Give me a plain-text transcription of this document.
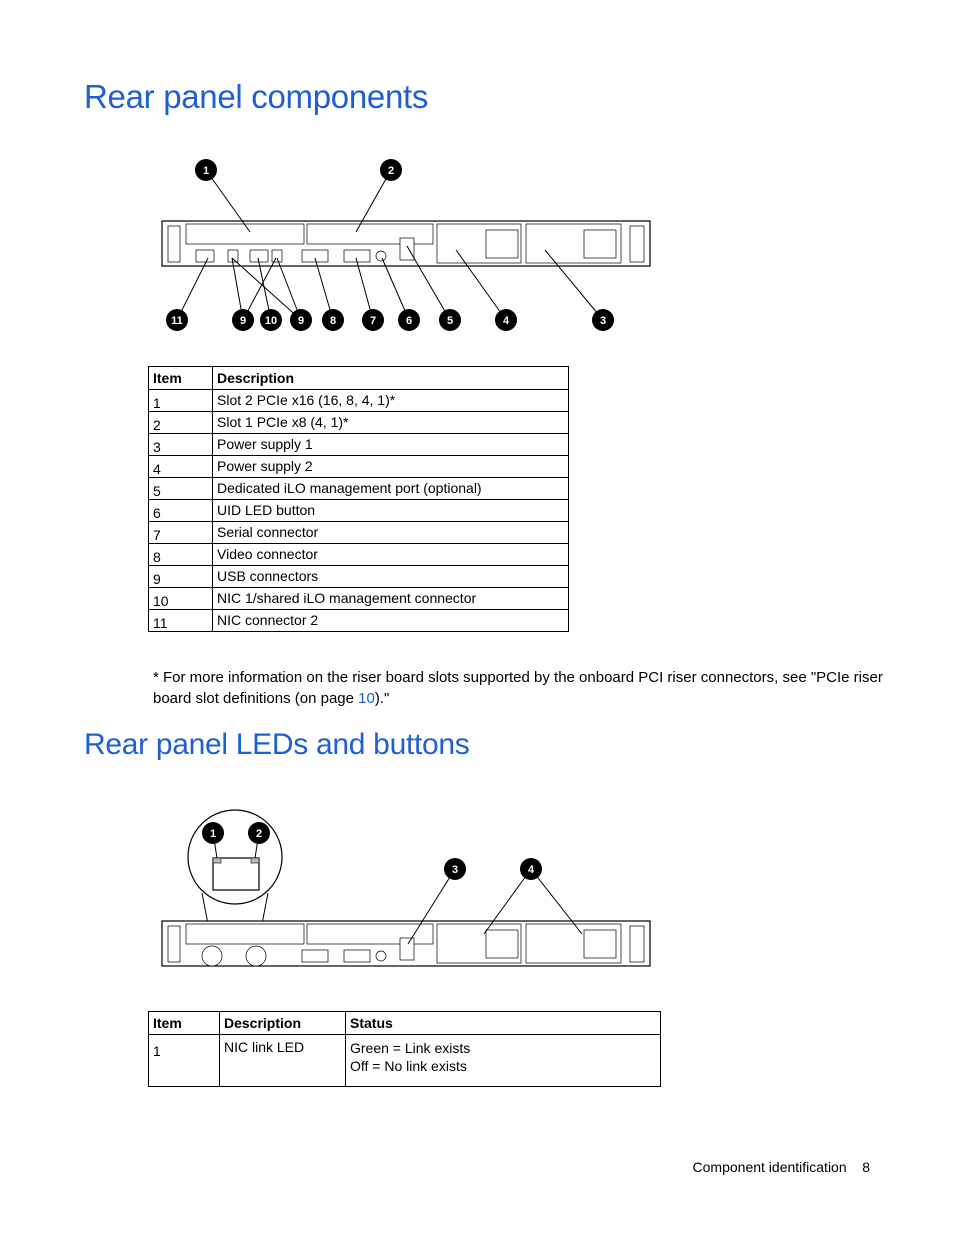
Rear panel components
1	2
11	9 10 9 8	7	6	5	4	3
Item	Description
1	Slot 2 PCIe x16 (16, 8, 4, 1)*
2	Slot 1 PCIe x8 (4, 1)*
3	Power supply 1
4	Power supply 2
5	Dedicated iLO management port (optional)
6	UID LED button
7	Serial connector
8	Video connector
9	USB connectors
10	NIC 1/shared iLO management connector
11	NIC connector 2
* For more information on the riser board slots supported by the onboard PCI riser connectors, see "PCIe riser board slot definitions (on page 10)."
Rear panel LEDs and buttons
1	2
3	4
Item	Description	Status
1	NIC link LED	Green = Link exists
Off = No link exists
Component identification 8
